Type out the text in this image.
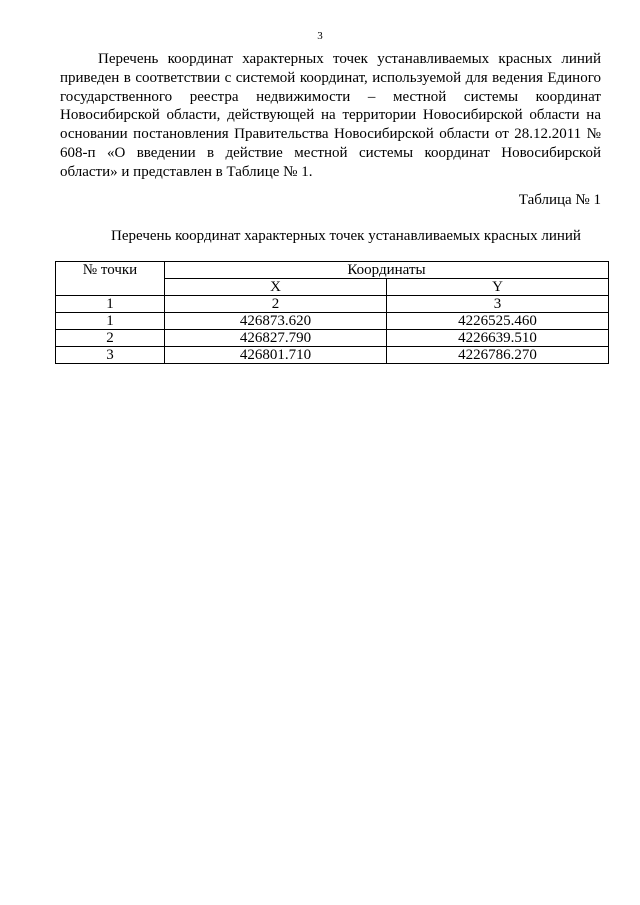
3

Перечень координат характерных точек устанавливаемых красных линий приведен в соответствии с системой координат, используемой для ведения Единого государственного реестра недвижимости – местной системы координат Новосибирской области, действующей на территории Новосибирской области на основании постановления Правительства Новосибирской области от 28.12.2011 № 608-п «О введении в действие местной системы координат Новосибирской области» и представлен в Таблице № 1.

Таблица № 1
Перечень координат характерных точек устанавливаемых красных линий
№ точки	Координаты	
	X	Y
1	2	3
1	426873.620	4226525.460
2	426827.790	4226639.510
3	426801.710	4226786.270
